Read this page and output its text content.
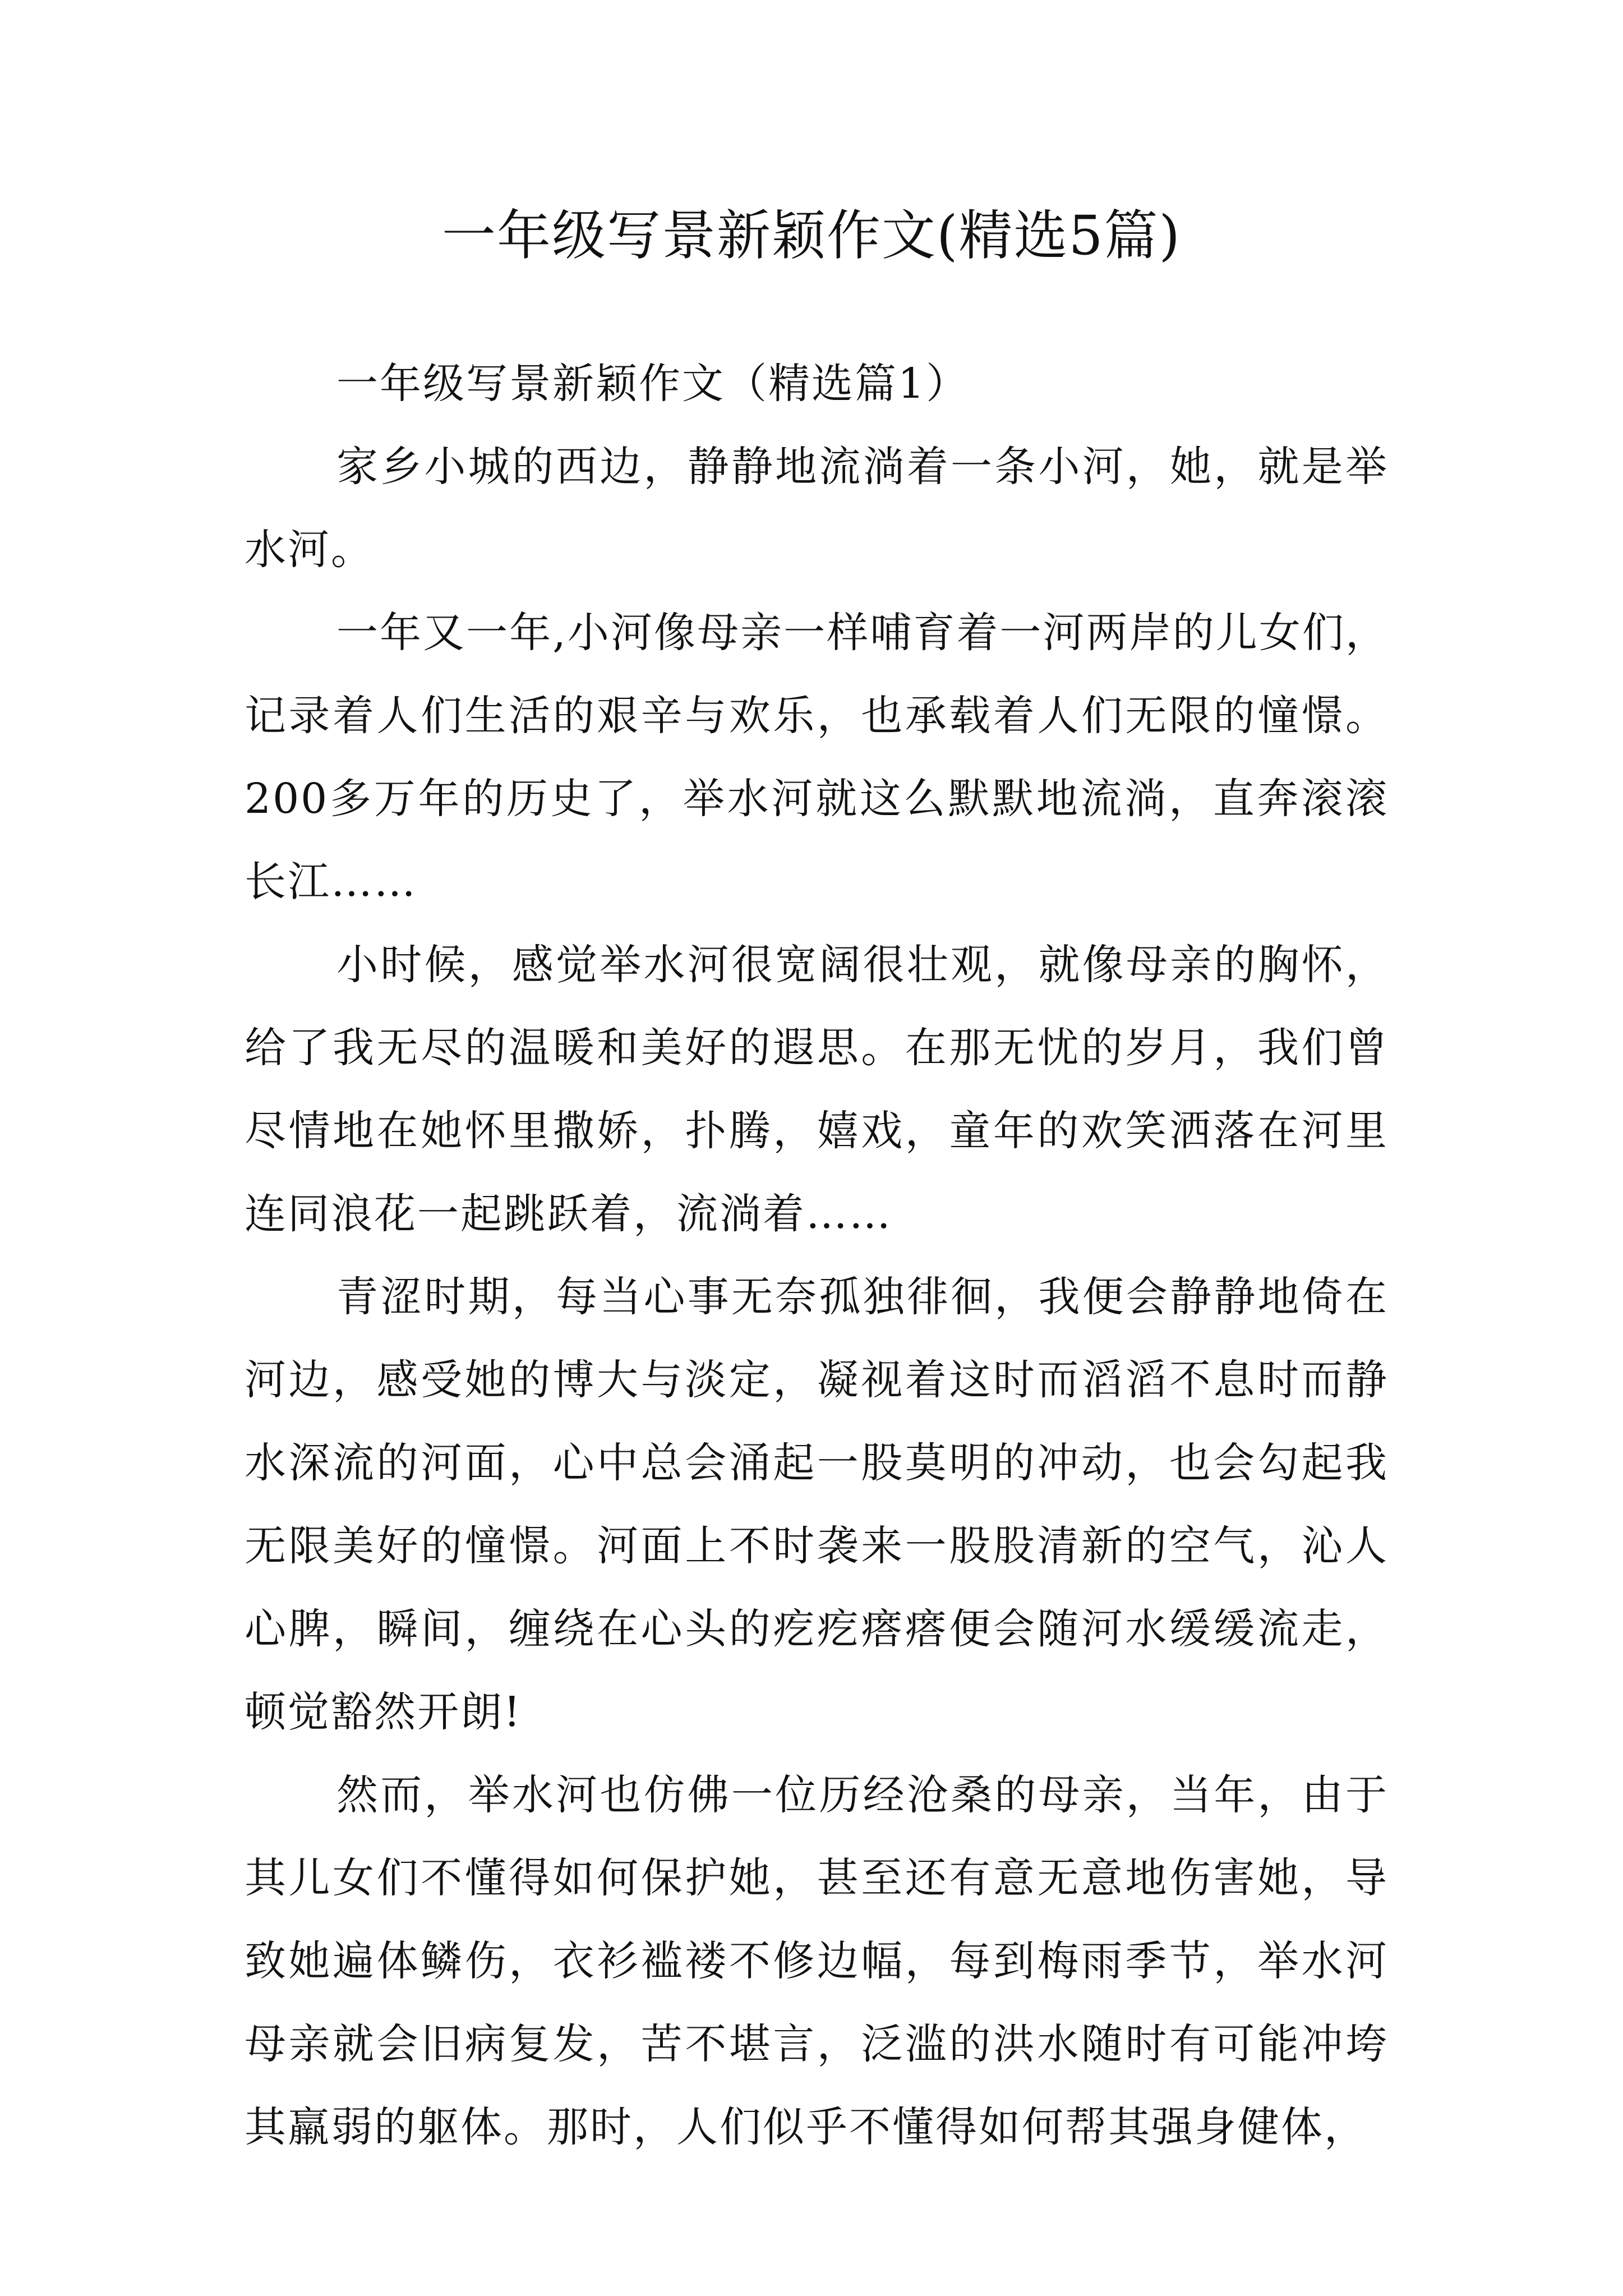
一年级写景新颖作文(精选5篇)

一年级写景新颖作文（精选篇1）

家乡小城的西边，静静地流淌着一条小河，她，就是举水河。

一年又一年,小河像母亲一样哺育着一河两岸的儿女们，记录着人们生活的艰辛与欢乐，也承载着人们无限的憧憬。200多万年的历史了，举水河就这么默默地流淌，直奔滚滚长江……

小时候，感觉举水河很宽阔很壮观，就像母亲的胸怀，给了我无尽的温暖和美好的遐思。在那无忧的岁月，我们曾尽情地在她怀里撒娇，扑腾，嬉戏，童年的欢笑洒落在河里连同浪花一起跳跃着，流淌着……

青涩时期，每当心事无奈孤独徘徊，我便会静静地倚在河边，感受她的博大与淡定，凝视着这时而滔滔不息时而静水深流的河面，心中总会涌起一股莫明的冲动，也会勾起我无限美好的憧憬。河面上不时袭来一股股清新的空气，沁人心脾，瞬间，缠绕在心头的疙疙瘩瘩便会随河水缓缓流走，顿觉豁然开朗!

然而，举水河也仿佛一位历经沧桑的母亲，当年，由于其儿女们不懂得如何保护她，甚至还有意无意地伤害她，导致她遍体鳞伤，衣衫褴褛不修边幅，每到梅雨季节，举水河母亲就会旧病复发，苦不堪言，泛滥的洪水随时有可能冲垮其羸弱的躯体。那时，人们似乎不懂得如何帮其强身健体，
